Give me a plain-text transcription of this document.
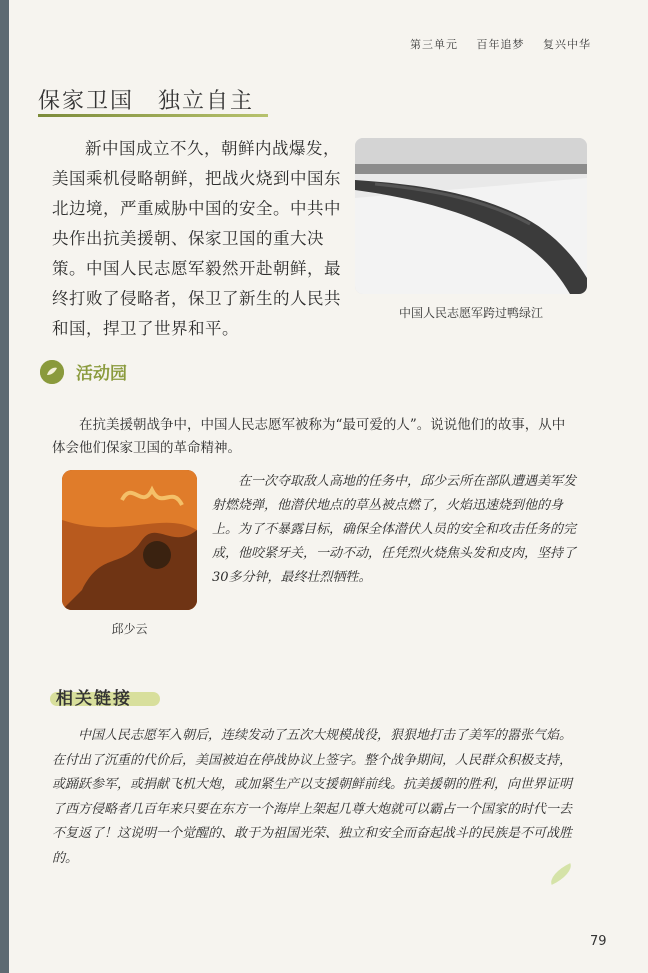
第三单元 百年追梦 复兴中华
保家卫国　独立自主

新中国成立不久，朝鲜内战爆发，美国乘机侵略朝鲜，把战火烧到中国东北边境，严重威胁中国的安全。中共中央作出抗美援朝、保家卫国的重大决策。中国人民志愿军毅然开赴朝鲜，最终打败了侵略者，保卫了新生的人民共和国，捍卫了世界和平。

中国人民志愿军跨过鸭绿江
活动园

在抗美援朝战争中，中国人民志愿军被称为“最可爱的人”。说说他们的故事，从中体会他们保家卫国的革命精神。

邱少云

在一次夺取敌人高地的任务中，邱少云所在部队遭遇美军发射燃烧弹，他潜伏地点的草丛被点燃了，火焰迅速烧到他的身上。为了不暴露目标，确保全体潜伏人员的安全和攻击任务的完成，他咬紧牙关，一动不动，任凭烈火烧焦头发和皮肉，坚持了30多分钟，最终壮烈牺牲。

相关链接

中国人民志愿军入朝后，连续发动了五次大规模战役，狠狠地打击了美军的嚣张气焰。在付出了沉重的代价后，美国被迫在停战协议上签字。整个战争期间，人民群众积极支持，或踊跃参军，或捐献飞机大炮，或加紧生产以支援朝鲜前线。抗美援朝的胜利，向世界证明了西方侵略者几百年来只要在东方一个海岸上架起几尊大炮就可以霸占一个国家的时代一去不复返了！这说明一个觉醒的、敢于为祖国光荣、独立和安全而奋起战斗的民族是不可战胜的。

79
